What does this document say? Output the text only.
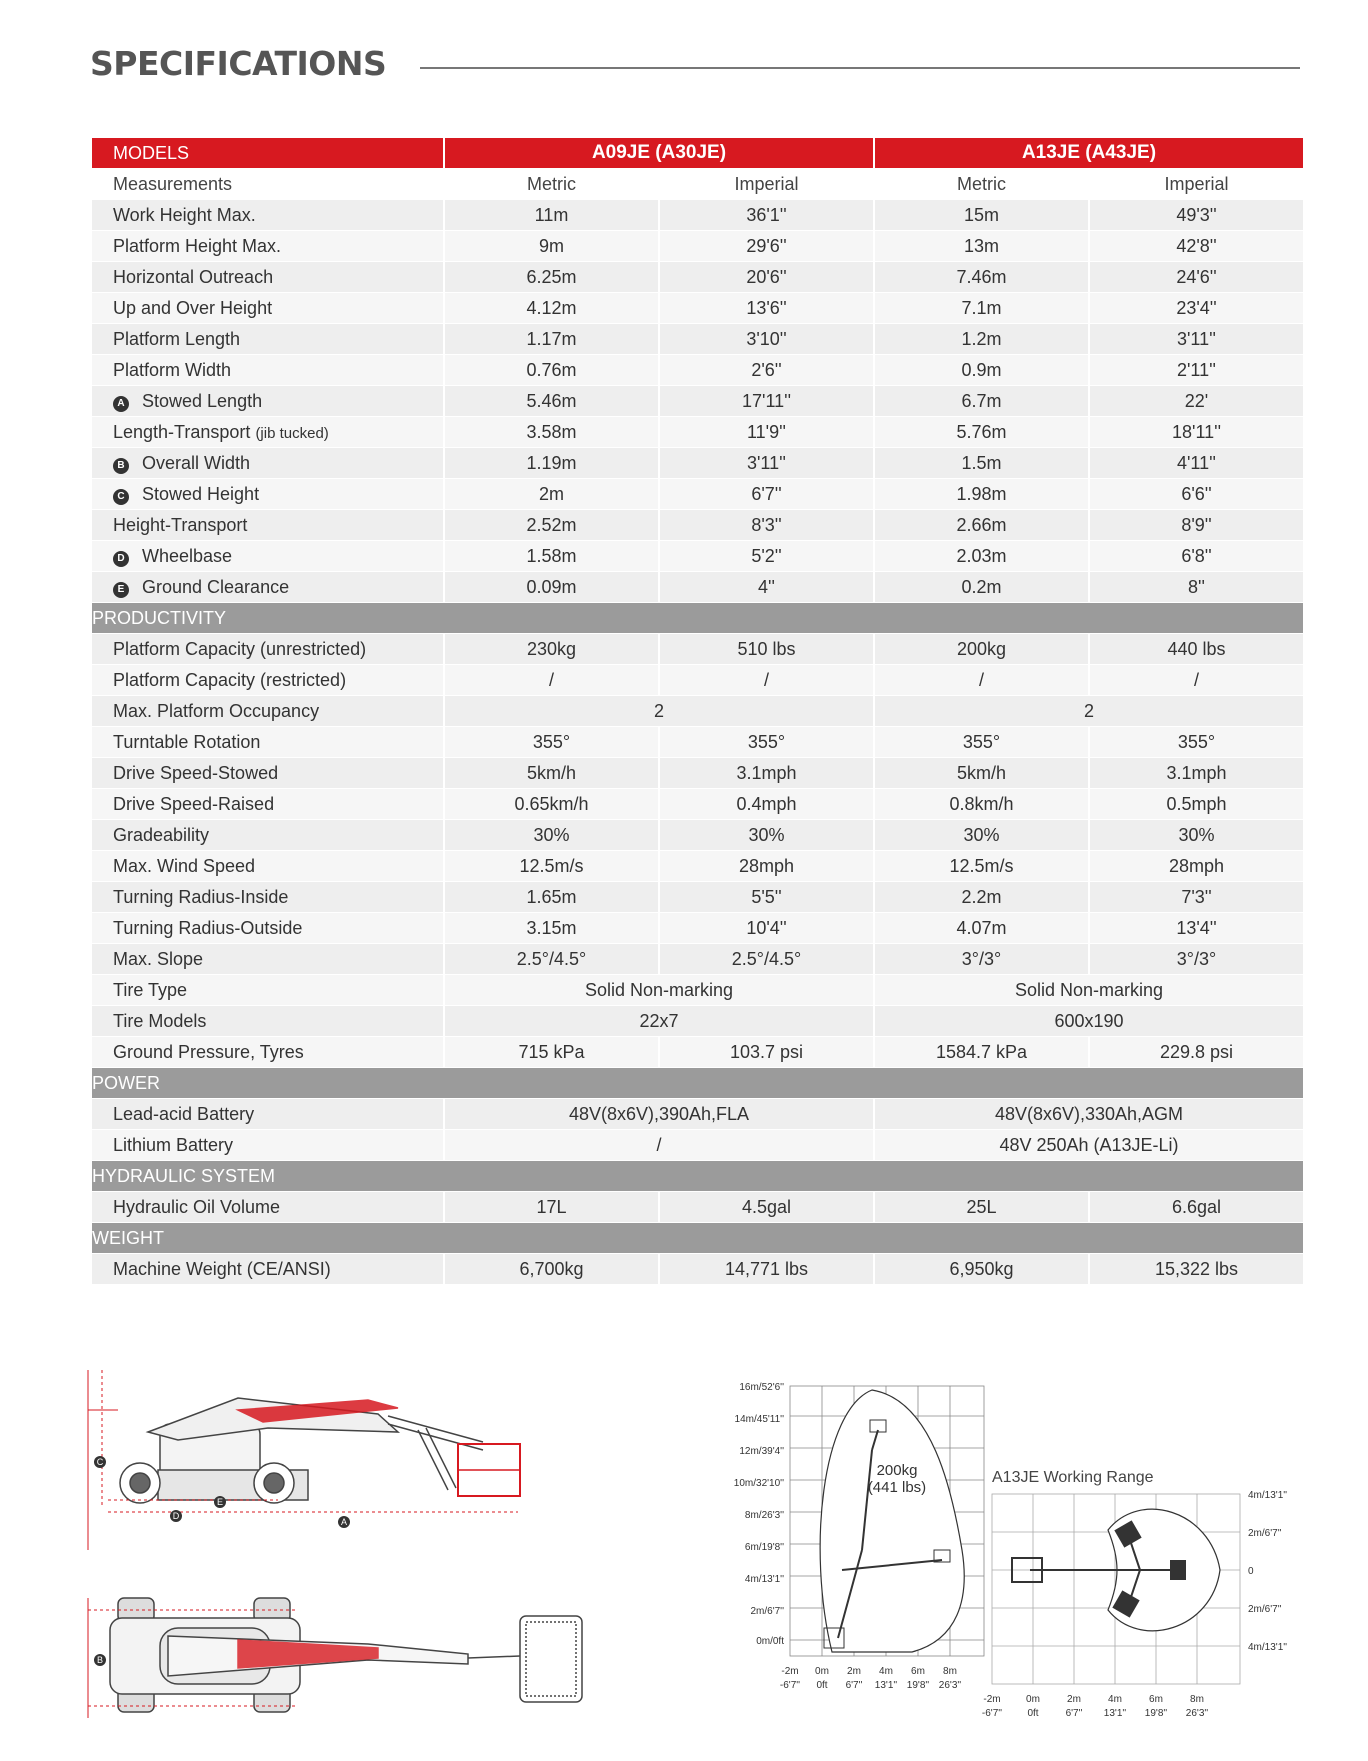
SPECIFICATIONS
MODELS	A09JE (A30JE)		A13JE (A43JE)	
Measurements	Metric	Imperial	Metric	Imperial
Work Height Max.	11m	36'1''	15m	49'3''
Platform Height Max.	9m	29'6''	13m	42'8''
Horizontal Outreach	6.25m	20'6''	7.46m	24'6''
Up and Over Height	4.12m	13'6''	7.1m	23'4''
Platform Length	1.17m	3'10''	1.2m	3'11''
Platform Width	0.76m	2'6''	0.9m	2'11''
A Stowed Length	5.46m	17'11''	6.7m	22'
Length-Transport (jib tucked)	3.58m	11'9''	5.76m	18'11''
B Overall Width	1.19m	3'11''	1.5m	4'11''
C Stowed Height	2m	6'7''	1.98m	6'6''
Height-Transport	2.52m	8'3''	2.66m	8'9''
D Wheelbase	1.58m	5'2''	2.03m	6'8''
E Ground Clearance	0.09m	4''	0.2m	8''
PRODUCTIVITY				
Platform Capacity (unrestricted)	230kg	510 lbs	200kg	440 lbs
Platform Capacity (restricted)	/	/	/	/
Max. Platform Occupancy	2		2	
Turntable Rotation	355°	355°	355°	355°
Drive Speed-Stowed	5km/h	3.1mph	5km/h	3.1mph
Drive Speed-Raised	0.65km/h	0.4mph	0.8km/h	0.5mph
Gradeability	30%	30%	30%	30%
Max. Wind Speed	12.5m/s	28mph	12.5m/s	28mph
Turning Radius-Inside	1.65m	5'5''	2.2m	7'3''
Turning Radius-Outside	3.15m	10'4''	4.07m	13'4''
Max. Slope	2.5°/4.5°	2.5°/4.5°	3°/3°	3°/3°
Tire Type	Solid Non-marking		Solid Non-marking	
Tire Models	22x7		600x190	
Ground Pressure, Tyres	715 kPa	103.7 psi	1584.7 kPa	229.8 psi
POWER				
Lead-acid Battery	48V(8x6V),390Ah,FLA		48V(8x6V),330Ah,AGM	
Lithium Battery	/		48V 250Ah (A13JE-Li)	
HYDRAULIC SYSTEM				
Hydraulic Oil Volume	17L	4.5gal	25L	6.6gal
WEIGHT				
Machine Weight (CE/ANSI)	6,700kg	14,771 lbs	6,950kg	15,322 lbs
C
D
E
A
B
200kg
(441 lbs)
16m/52'6''
14m/45'11''
12m/39'4''
10m/32'10''
8m/26'3''
6m/19'8''
4m/13'1''
2m/6'7''
0m/0ft
-2m
-6'7''
0m
0ft
2m
6'7''
4m
13'1''
6m
19'8''
8m
26'3''
A13JE Working Range
4m/13'1''
2m/6'7''
0
2m/6'7''
4m/13'1''
-2m
-6'7''
0m
0ft
2m
6'7''
4m
13'1''
6m
19'8''
8m
26'3''
